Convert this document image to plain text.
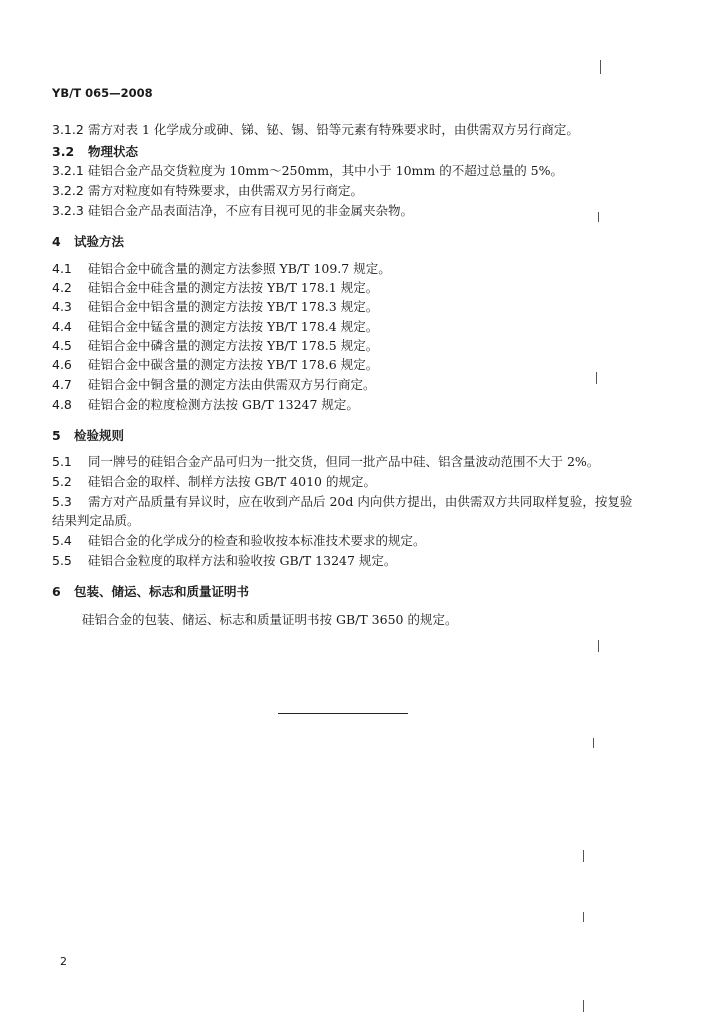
YB/T 065—2008
3.1.2 需方对表 1 化学成分或砷、锑、铋、锡、铅等元素有特殊要求时，由供需双方另行商定。
3.2 物理状态
3.2.1 硅铝合金产品交货粒度为 10mm～250mm，其中小于 10mm 的不超过总量的 5%。
3.2.2 需方对粒度如有特殊要求，由供需双方另行商定。
3.2.3 硅铝合金产品表面洁净，不应有目视可见的非金属夹杂物。
4 试验方法
4.1 硅铝合金中硫含量的测定方法参照 YB/T 109.7 规定。
4.2 硅铝合金中硅含量的测定方法按 YB/T 178.1 规定。
4.3 硅铝合金中铝含量的测定方法按 YB/T 178.3 规定。
4.4 硅铝合金中锰含量的测定方法按 YB/T 178.4 规定。
4.5 硅铝合金中磷含量的测定方法按 YB/T 178.5 规定。
4.6 硅铝合金中碳含量的测定方法按 YB/T 178.6 规定。
4.7 硅铝合金中铜含量的测定方法由供需双方另行商定。
4.8 硅铝合金的粒度检测方法按 GB/T 13247 规定。
5 检验规则
5.1 同一牌号的硅铝合金产品可归为一批交货，但同一批产品中硅、铝含量波动范围不大于 2%。
5.2 硅铝合金的取样、制样方法按 GB/T 4010 的规定。
5.3 需方对产品质量有异议时，应在收到产品后 20d 内向供方提出，由供需双方共同取样复验，按复验
结果判定品质。
5.4 硅铝合金的化学成分的检查和验收按本标准技术要求的规定。
5.5 硅铝合金粒度的取样方法和验收按 GB/T 13247 规定。
6 包装、储运、标志和质量证明书
硅铝合金的包装、储运、标志和质量证明书按 GB/T 3650 的规定。
2
